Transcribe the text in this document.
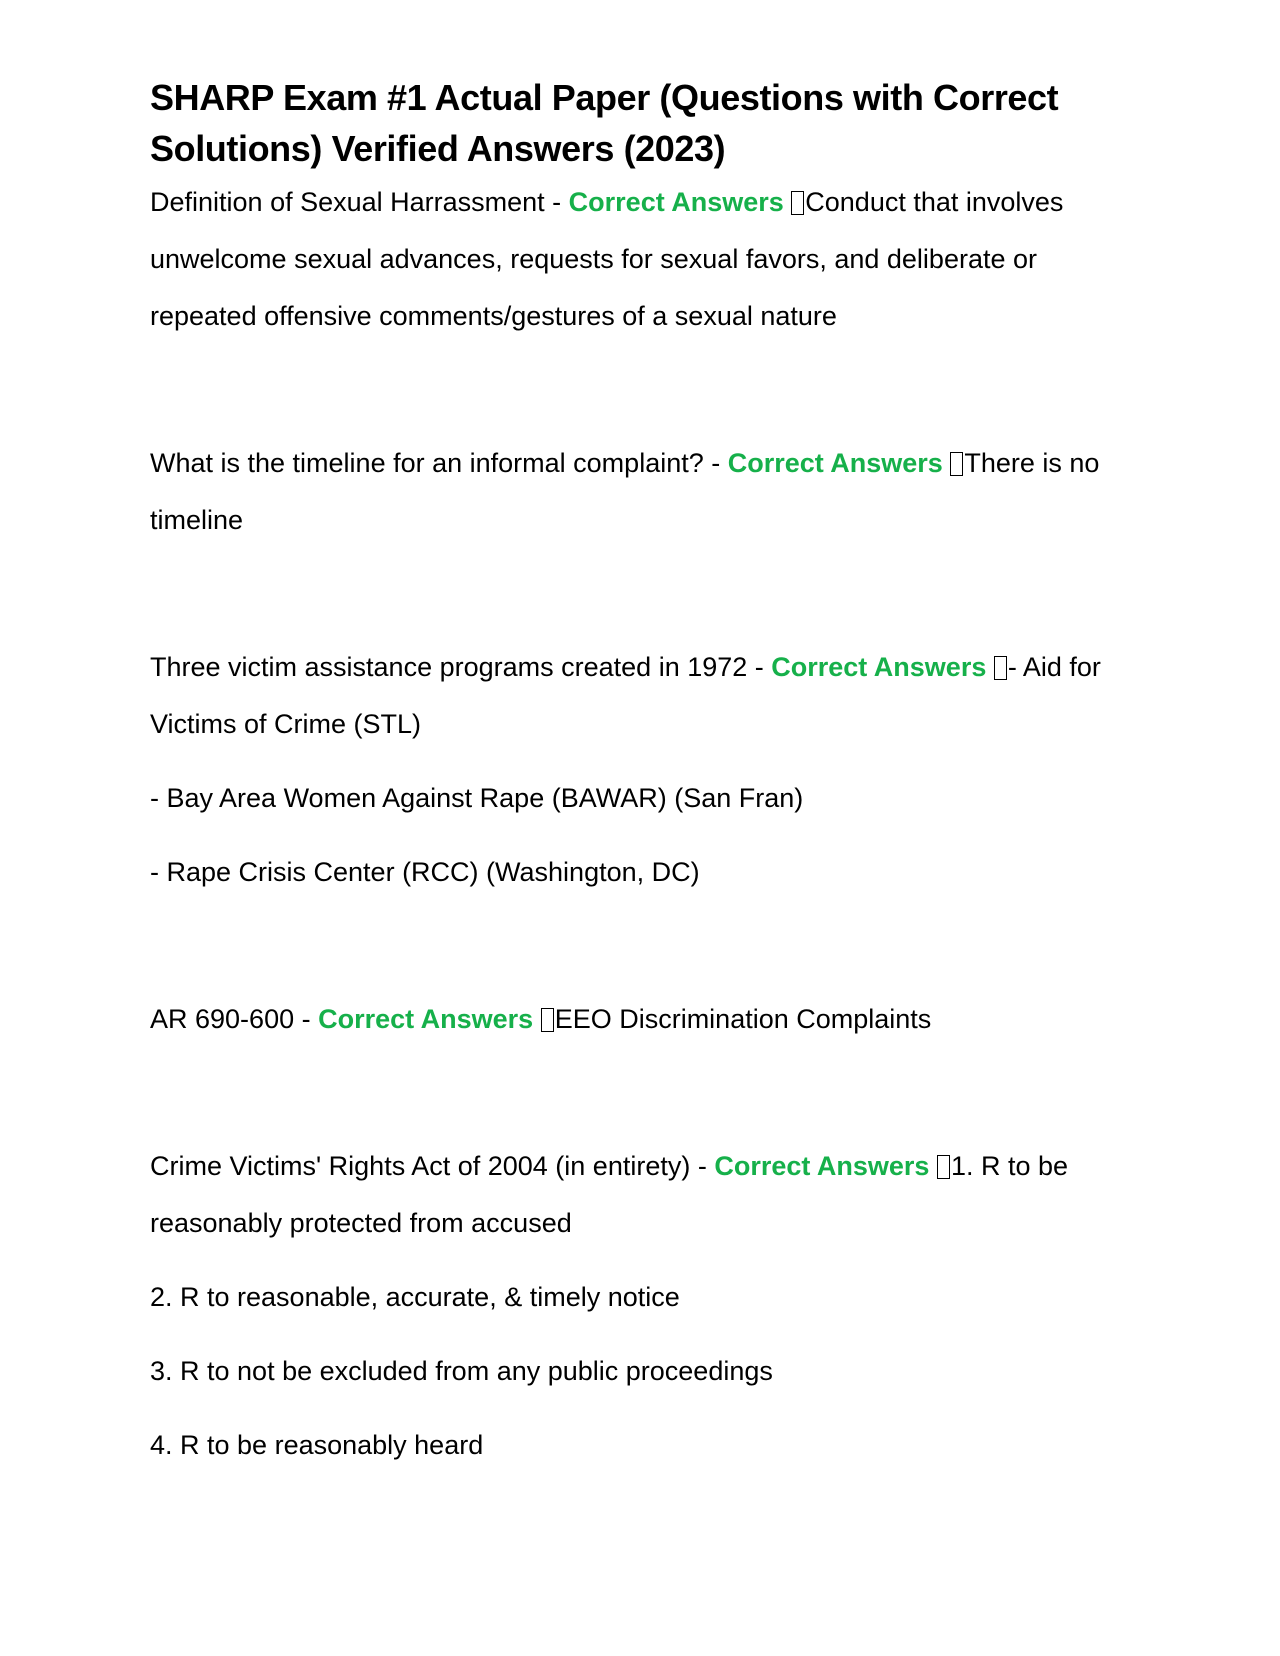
SHARP Exam #1 Actual Paper (Questions with Correct Solutions) Verified Answers (2023)

Definition of Sexual Harrassment - Correct Answers Conduct that involves unwelcome sexual advances, requests for sexual favors, and deliberate or repeated offensive comments/gestures of a sexual nature

What is the timeline for an informal complaint? - Correct Answers There is no timeline

Three victim assistance programs created in 1972 - Correct Answers - Aid for Victims of Crime (STL)

- Bay Area Women Against Rape (BAWAR) (San Fran)

- Rape Crisis Center (RCC) (Washington, DC)

AR 690-600 - Correct Answers EEO Discrimination Complaints

Crime Victims' Rights Act of 2004 (in entirety) - Correct Answers 1. R to be reasonably protected from accused

2. R to reasonable, accurate, & timely notice

3. R to not be excluded from any public proceedings

4. R to be reasonably heard
